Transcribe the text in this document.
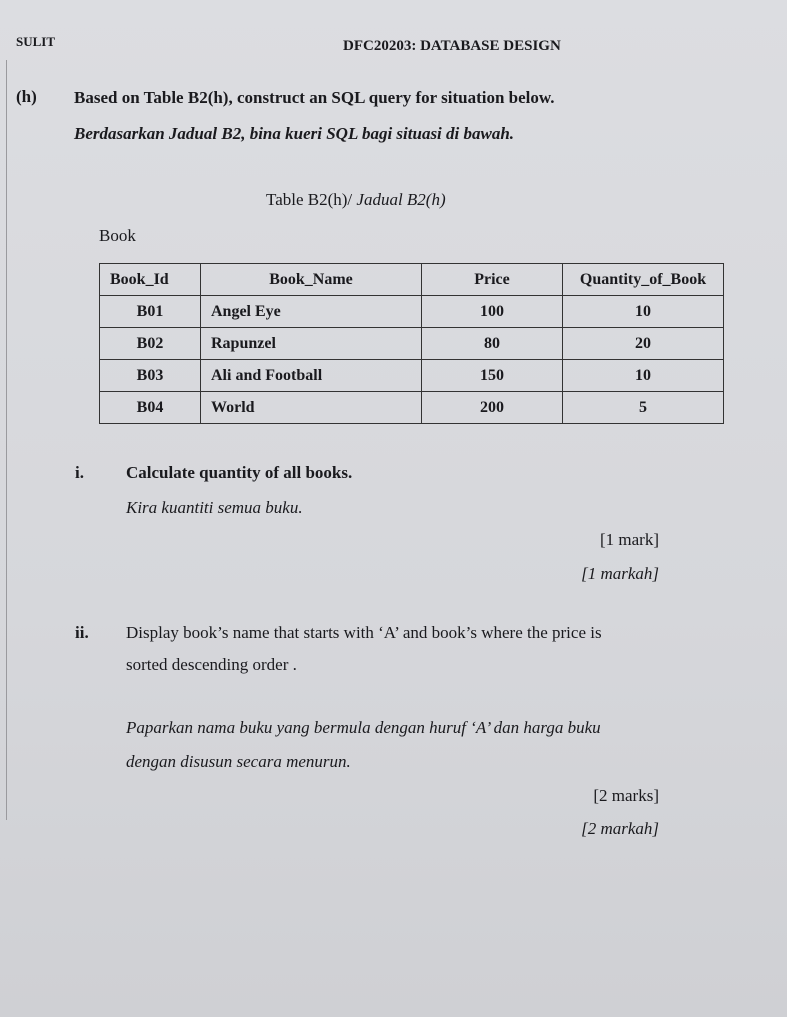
SULIT	DFC20203: DATABASE DESIGN
(h) Based on Table B2(h), construct an SQL query for situation below.
Berdasarkan Jadual B2, bina kueri SQL bagi situasi di bawah.
Table B2(h)/ Jadual B2(h)
Book
Book_Id	Book_Name	Price	Quantity_of_Book
B01	Angel Eye	100	10
B02	Rapunzel	80	20
B03	Ali and Football	150	10
B04	World	200	5
i. Calculate quantity of all books.
Kira kuantiti semua buku.
[1 mark]
[1 markah]
ii. Display book’s name that starts with ‘A’ and book’s where the price is
sorted descending order .
Paparkan nama buku yang bermula dengan huruf ‘A’ dan harga buku
dengan disusun secara menurun.
[2 marks]
[2 markah]
